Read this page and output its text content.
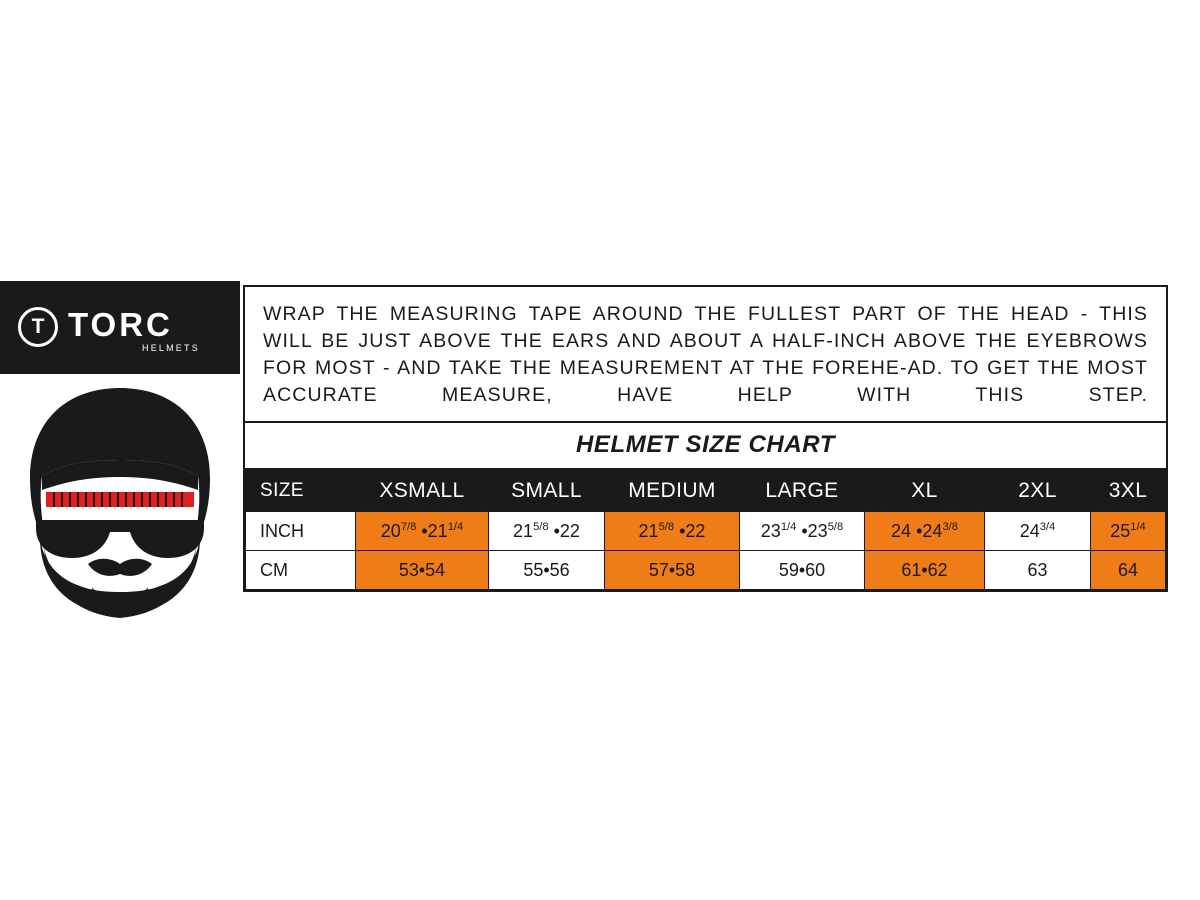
T TORC
HELMETS
WRAP THE MEASURING TAPE AROUND THE FULLEST PART OF THE HEAD - THIS WILL BE JUST ABOVE THE EARS AND ABOUT A HALF-INCH ABOVE THE EYEBROWS FOR MOST - AND TAKE THE MEASUREMENT AT THE FOREHE-AD. TO GET THE MOST ACCURATE MEASURE, HAVE HELP WITH THIS STEP.
HELMET SIZE CHART
SIZE	XSMALL	SMALL	MEDIUM	LARGE	XL	2XL	3XL
INCH	$20^{7/8}$ $•21^{1/4}$	$21^{5/8}$ •22	$21^{5/8}$ •22	$23^{1/4}$ $•23^{5/8}$	24 $•24^{3/8}$	$24^{3/4}$	$25^{1/4}$
CM	53•54	55•56	57•58	59•60	61•62	63	64
